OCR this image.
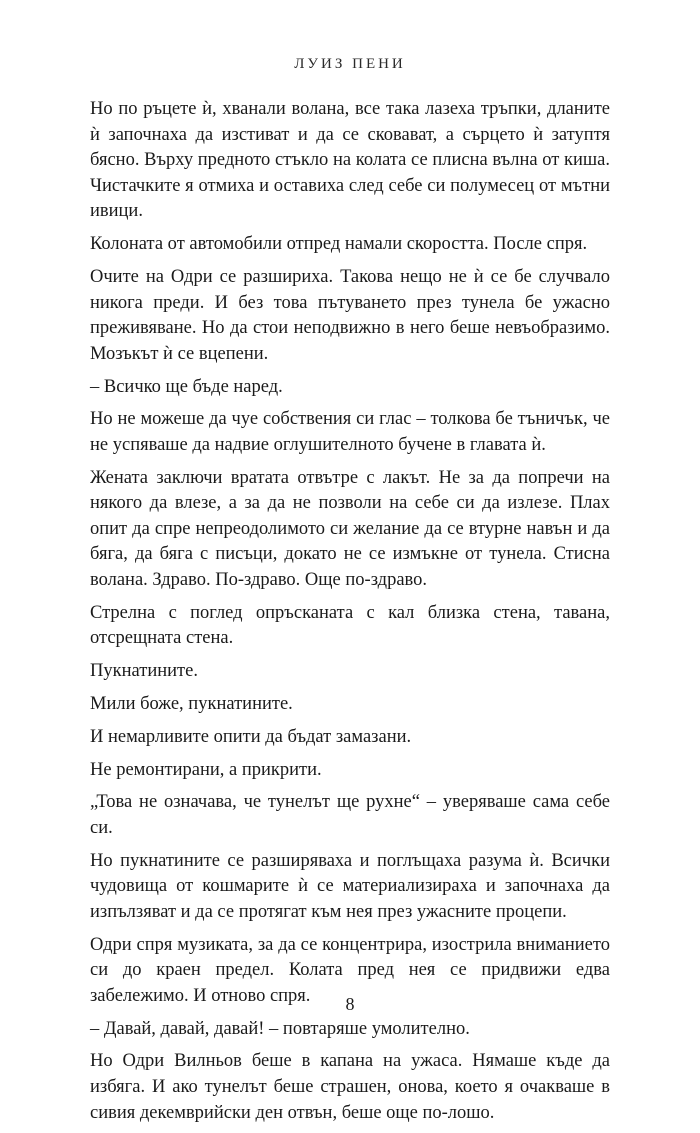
ЛУИЗ ПЕНИ

Но по ръцете ѝ, хванали волана, все така лазеха тръпки, дланите ѝ започнаха да изстиват и да се сковават, а сърцето ѝ затуптя бясно. Върху предното стъкло на колата се плисна вълна от киша. Чистачките я отмиха и оставиха след себе си полумесец от мътни ивици.

Колоната от автомобили отпред намали скоростта. После спря.

Очите на Одри се разшириха. Такова нещо не ѝ се бе случвало никога преди. И без това пътуването през тунела бе ужасно преживяване. Но да стои неподвижно в него беше невъобразимо. Мозъкът ѝ се вцепени.

– Всичко ще бъде наред.

Но не можеше да чуе собствения си глас – толкова бе тъничък, че не успяваше да надвие оглушителното бучене в главата ѝ.

Жената заключи вратата отвътре с лакът. Не за да попречи на някого да влезе, а за да не позволи на себе си да излезе. Плах опит да спре непреодолимото си желание да се втурне навън и да бяга, да бяга с писъци, докато не се измъкне от тунела. Стисна волана. Здраво. По-здраво. Още по-здраво.

Стрелна с поглед опръсканата с кал близка стена, тавана, отсрещната стена.

Пукнатините.

Мили боже, пукнатините.

И немарливите опити да бъдат замазани.

Не ремонтирани, а прикрити.

„Това не означава, че тунелът ще рухне“ – уверяваше сама себе си.

Но пукнатините се разширяваха и поглъщаха разума ѝ. Всички чудовища от кошмарите ѝ се материализираха и започнаха да изпълзяват и да се протягат към нея през ужасните процепи.

Одри спря музиката, за да се концентрира, изострила вниманието си до краен предел. Колата пред нея се придвижи едва забележимо. И отново спря.

– Давай, давай, давай! – повтаряше умолително.

Но Одри Вилньов беше в капана на ужаса. Нямаше къде да избяга. И ако тунелът беше страшен, онова, което я очакваше в сивия декемврийски ден отвън, беше още по-лошо.

8
